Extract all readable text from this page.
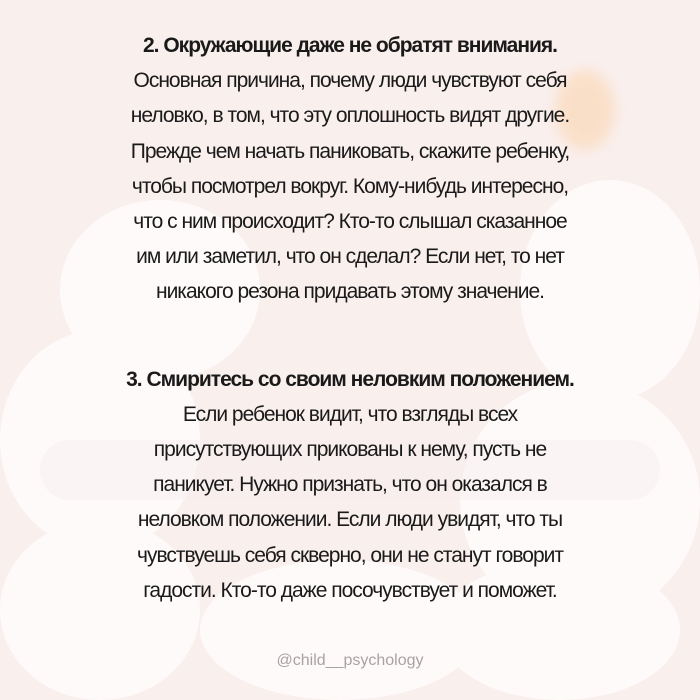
2. Окружающие даже не обратят внимания.
Основная причина, почему люди чувствуют себя
неловко, в том, что эту оплошность видят другие.
Прежде чем начать паниковать, скажите ребенку,
чтобы посмотрел вокруг. Кому-нибудь интересно,
что с ним происходит? Кто-то слышал сказанное
им или заметил, что он сделал? Если нет, то нет
никакого резона придавать этому значение.
3. Смиритесь со своим неловким положением.
Если ребенок видит, что взгляды всех
присутствующих прикованы к нему, пусть не
паникует. Нужно признать, что он оказался в
неловком положении. Если люди увидят, что ты
чувствуешь себя скверно, они не станут говорит
гадости. Кто-то даже посочувствует и поможет.
@child__psychology
